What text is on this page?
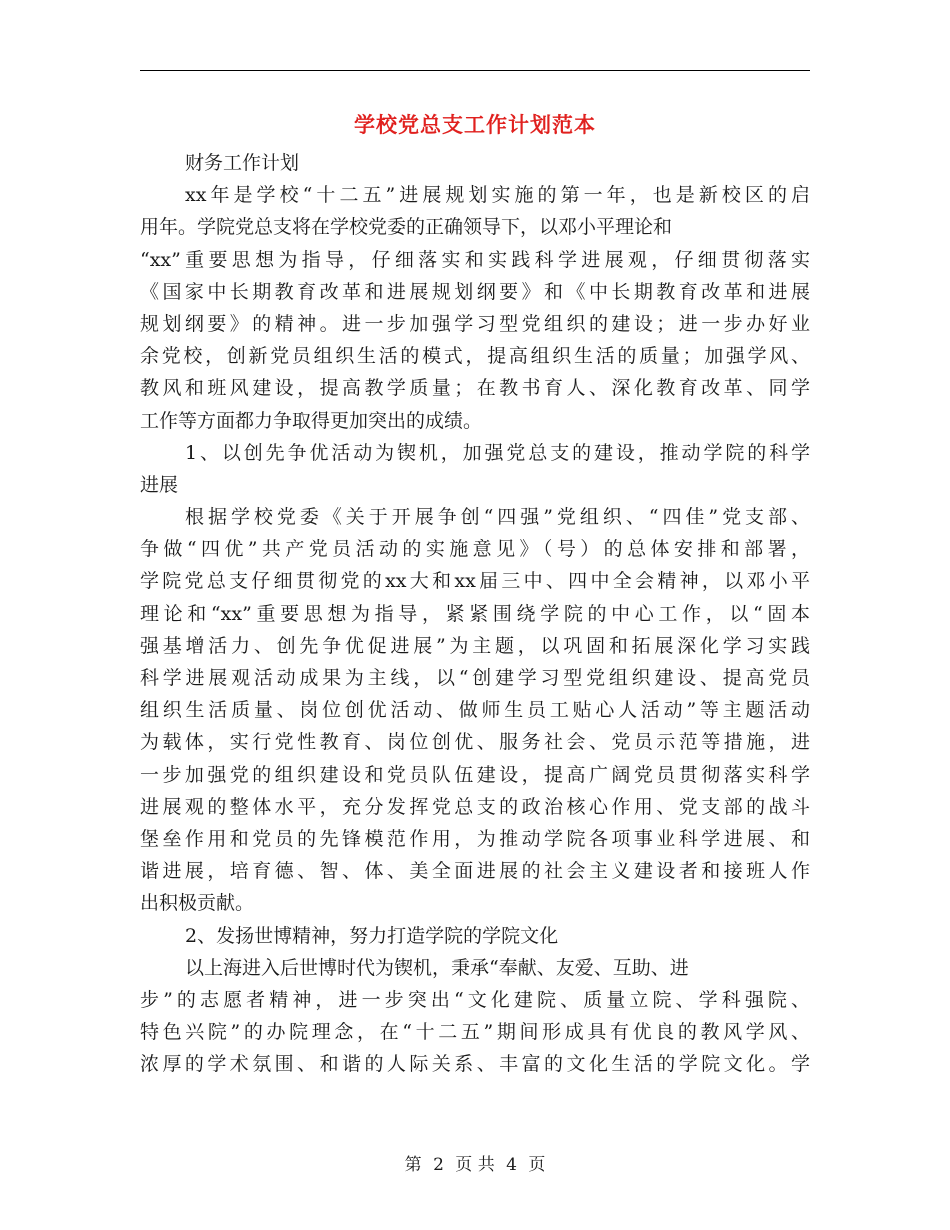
学校党总支工作计划范本
财务工作计划
xx年是学校“十二五”进展规划实施的第一年，也是新校区的启
用年。学院党总支将在学校党委的正确领导下，以邓小平理论和
“xx”重要思想为指导，仔细落实和实践科学进展观，仔细贯彻落实
《国家中长期教育改革和进展规划纲要》和《中长期教育改革和进展
规划纲要》的精神。进一步加强学习型党组织的建设；进一步办好业
余党校，创新党员组织生活的模式，提高组织生活的质量；加强学风、
教风和班风建设，提高教学质量；在教书育人、深化教育改革、同学
工作等方面都力争取得更加突出的成绩。
1、以创先争优活动为锲机，加强党总支的建设，推动学院的科学
进展
根据学校党委《关于开展争创“四强”党组织、“四佳”党支部、
争做“四优”共产党员活动的实施意见》（号）的总体安排和部署，
学院党总支仔细贯彻党的xx大和xx届三中、四中全会精神，以邓小平
理论和“xx”重要思想为指导，紧紧围绕学院的中心工作，以“固本
强基增活力、创先争优促进展”为主题，以巩固和拓展深化学习实践
科学进展观活动成果为主线，以“创建学习型党组织建设、提高党员
组织生活质量、岗位创优活动、做师生员工贴心人活动”等主题活动
为载体，实行党性教育、岗位创优、服务社会、党员示范等措施，进
一步加强党的组织建设和党员队伍建设，提高广阔党员贯彻落实科学
进展观的整体水平，充分发挥党总支的政治核心作用、党支部的战斗
堡垒作用和党员的先锋模范作用，为推动学院各项事业科学进展、和
谐进展，培育德、智、体、美全面进展的社会主义建设者和接班人作
出积极贡献。
2、发扬世博精神，努力打造学院的学院文化
以上海进入后世博时代为锲机，秉承“奉献、友爱、互助、进
步”的志愿者精神，进一步突出“文化建院、质量立院、学科强院、
特色兴院”的办院理念，在“十二五”期间形成具有优良的教风学风、
浓厚的学术氛围、和谐的人际关系、丰富的文化生活的学院文化。学
第 2 页 共 4 页
